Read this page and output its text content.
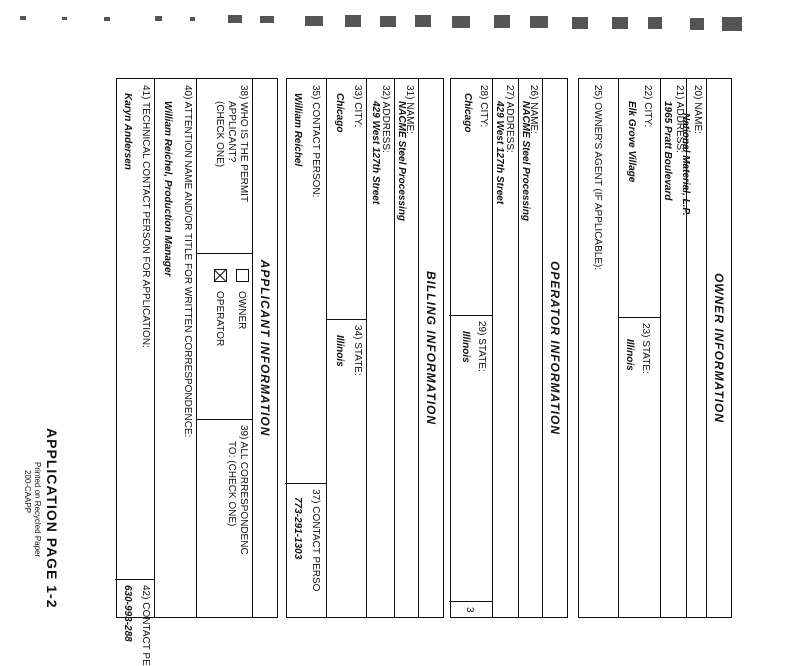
OWNER INFORMATION
20) NAME:
National Material, L.P.
21) ADDRESS:
1965 Pratt Boulevard
22) CITY:
Elk Grove Village
23) STATE:
Illinois
25) OWNER'S AGENT (IF APPLICABLE):
OPERATOR INFORMATION
26) NAME:
NACME Steel Processing
27) ADDRESS:
429 West 127th Street
28) CITY:
Chicago
29) STATE:
Illinois
3
BILLING INFORMATION
31) NAME:
NACME Steel Processing
32) ADDRESS:
429 West 127th Street
33) CITY:
Chicago
34) STATE:
Illinois
35) CONTACT PERSON:
William Reichel
37) CONTACT PERSO
773-291-1303
APPLICANT INFORMATION
38) WHO IS THE PERMIT
APPLICANT?
(CHECK ONE)
OWNER
OPERATOR
39) ALL CORRESPONDENC
TO: (CHECK ONE)
40) ATTENTION NAME AND/OR TITLE FOR WRITTEN CORRESPONDENCE:
William Reichel, Production Manager
41) TECHNICAL CONTACT PERSON FOR APPLICATION:
Karyn Andersen
42) CONTACT PE
630-993-288
APPLICATION PAGE 1-2
Printed on Recycled Paper
200-CAAPP
